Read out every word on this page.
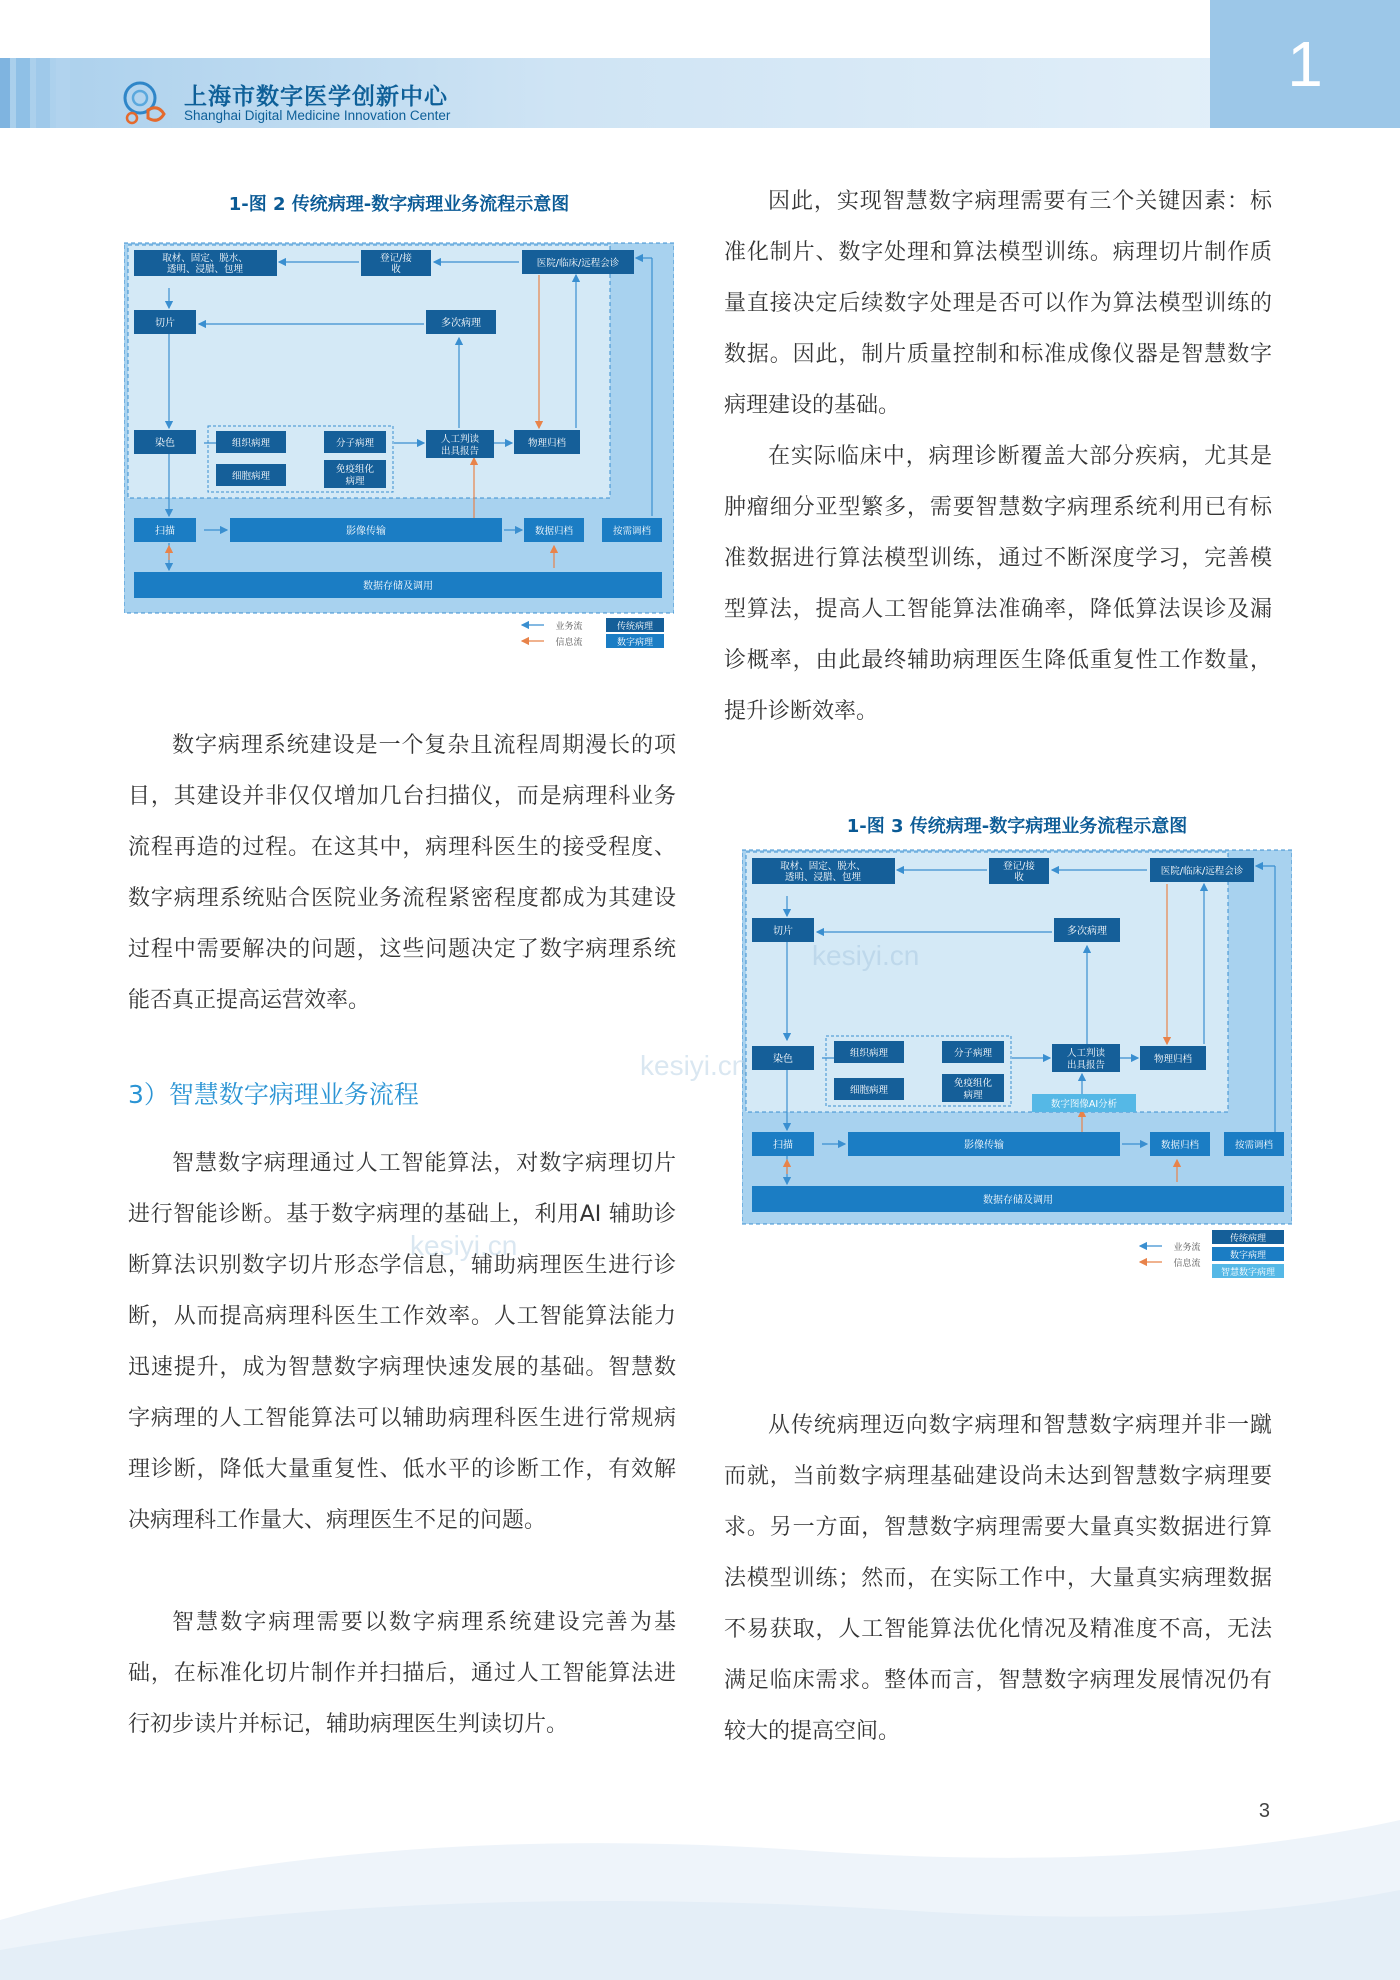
1
上海市数字医学创新中心
Shanghai Digital Medicine Innovation Center
1-图 2 传统病理-数字病理业务流程示意图
取材、固定、脱水、
透明、浸腊、包埋
登记/接
收
医院/临床/远程会诊
切片	多次病理
染色	组织病理	分子病理
细胞病理
免疫组化
病理
人工判读
出具报告
物理归档
扫描	影像传输	数据归档	按需调档
数据存储及调用
业务流
信息流
传统病理
数字病理

数字病理系统建设是一个复杂且流程周期漫长的项目，其建设并非仅仅增加几台扫描仪，而是病理科业务流程再造的过程。在这其中，病理科医生的接受程度、数字病理系统贴合医院业务流程紧密程度都成为其建设过程中需要解决的问题，这些问题决定了数字病理系统能否真正提高运营效率。

3）智慧数字病理业务流程

智慧数字病理通过人工智能算法，对数字病理切片进行智能诊断。基于数字病理的基础上，利用AI 辅助诊断算法识别数字切片形态学信息，辅助病理医生进行诊断，从而提高病理科医生工作效率。人工智能算法能力迅速提升，成为智慧数字病理快速发展的基础。智慧数字病理的人工智能算法可以辅助病理科医生进行常规病理诊断，降低大量重复性、低水平的诊断工作，有效解决病理科工作量大、病理医生不足的问题。

智慧数字病理需要以数字病理系统建设完善为基础，在标准化切片制作并扫描后，通过人工智能算法进行初步读片并标记，辅助病理医生判读切片。

因此，实现智慧数字病理需要有三个关键因素：标准化制片、数字处理和算法模型训练。病理切片制作质量直接决定后续数字处理是否可以作为算法模型训练的数据。因此，制片质量控制和标准成像仪器是智慧数字病理建设的基础。

在实际临床中，病理诊断覆盖大部分疾病，尤其是肿瘤细分亚型繁多，需要智慧数字病理系统利用已有标准数据进行算法模型训练，通过不断深度学习，完善模型算法，提高人工智能算法准确率，降低算法误诊及漏诊概率，由此最终辅助病理医生降低重复性工作数量，提升诊断效率。

1-图 3 传统病理-数字病理业务流程示意图
取材、固定、脱水、
透明、浸腊、包埋
登记/接
收
医院/临床/远程会诊
切片	多次病理
染色
组织病理	分子病理
细胞病理
免疫组化
病理
人工判读
出具报告
物理归档
数字图像AI分析
扫描	影像传输	数据归档	按需调档
数据存储及调用
业务流
信息流
传统病理
数字病理
智慧数字病理

从传统病理迈向数字病理和智慧数字病理并非一蹴而就，当前数字病理基础建设尚未达到智慧数字病理要求。另一方面，智慧数字病理需要大量真实数据进行算法模型训练；然而，在实际工作中，大量真实病理数据不易获取，人工智能算法优化情况及精准度不高，无法满足临床需求。整体而言，智慧数字病理发展情况仍有较大的提高空间。

kesiyi.cn
kesiyi.cn
kesiyi.cn
3
